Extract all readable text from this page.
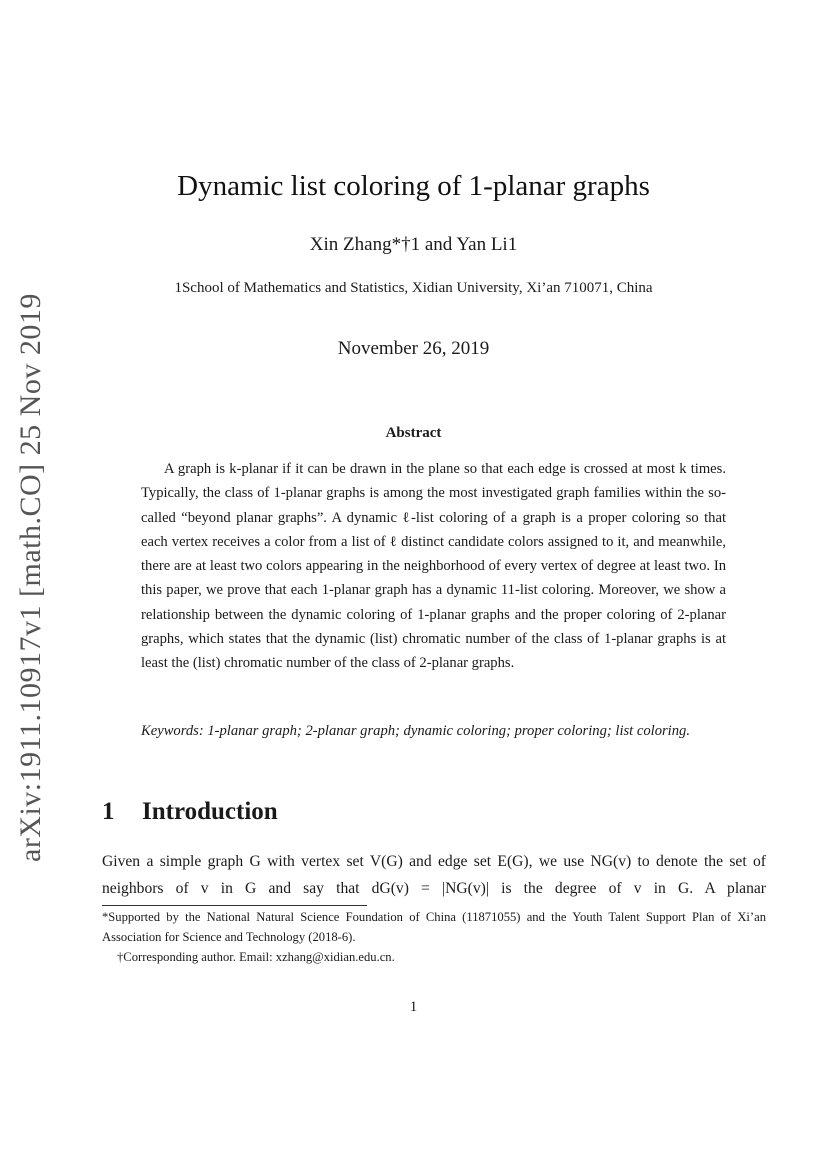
arXiv:1911.10917v1 [math.CO] 25 Nov 2019
Dynamic list coloring of 1-planar graphs
Xin Zhang*†1 and Yan Li1
1School of Mathematics and Statistics, Xidian University, Xi’an 710071, China
November 26, 2019
Abstract
A graph is k-planar if it can be drawn in the plane so that each edge is crossed at most k times. Typically, the class of 1-planar graphs is among the most investigated graph families within the so-called “beyond planar graphs”. A dynamic ℓ-list coloring of a graph is a proper coloring so that each vertex receives a color from a list of ℓ distinct candidate colors assigned to it, and meanwhile, there are at least two colors appearing in the neighborhood of every vertex of degree at least two. In this paper, we prove that each 1-planar graph has a dynamic 11-list coloring. Moreover, we show a relationship between the dynamic coloring of 1-planar graphs and the proper coloring of 2-planar graphs, which states that the dynamic (list) chromatic number of the class of 1-planar graphs is at least the (list) chromatic number of the class of 2-planar graphs.
Keywords: 1-planar graph; 2-planar graph; dynamic coloring; proper coloring; list coloring.
1 Introduction
Given a simple graph G with vertex set V(G) and edge set E(G), we use NG(v) to denote the set of neighbors of v in G and say that dG(v) = |NG(v)| is the degree of v in G. A planar
*Supported by the National Natural Science Foundation of China (11871055) and the Youth Talent Support Plan of Xi’an Association for Science and Technology (2018-6).
†Corresponding author. Email: xzhang@xidian.edu.cn.
1
